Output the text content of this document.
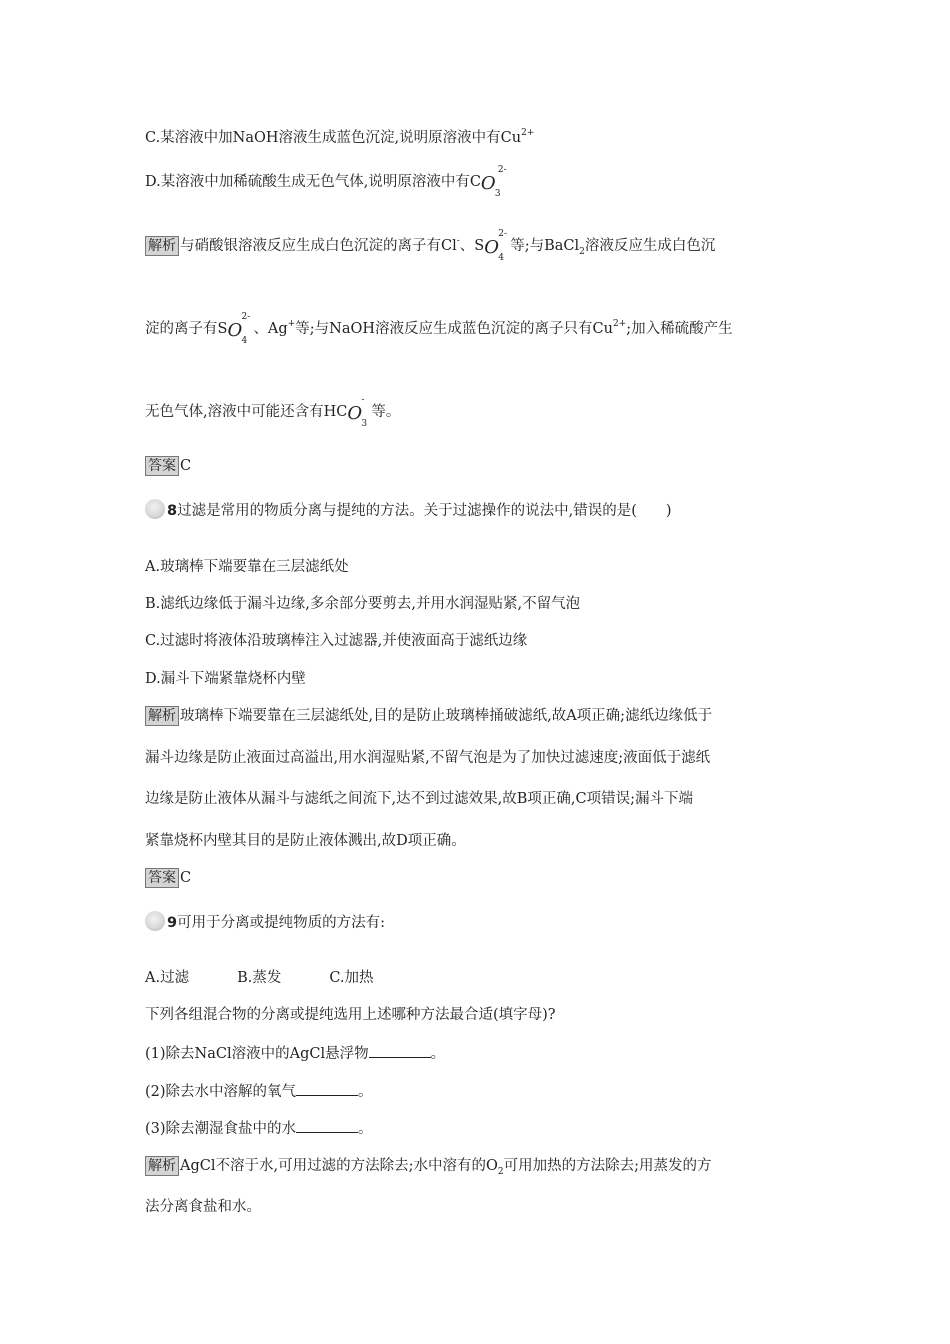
C.某溶液中加NaOH溶液生成蓝色沉淀,说明原溶液中有$Cu^{2+}$
D.某溶液中加稀硫酸生成无色气体,说明原溶液中有C O
2-
3
解析 与硝酸银溶液反应生成白色沉淀的离子有Cl-、S O
2-
4
等;与BaCl$_2$溶液反应生成白色沉
淀的离子有S O
2-
4
、Ag+等;与NaOH溶液反应生成蓝色沉淀的离子只有$Cu^{2+}$;加入稀硫酸产生
无色气体,溶液中可能还含有HC O
-
3
等。
答案 C
8过滤是常用的物质分离与提纯的方法。关于过滤操作的说法中,错误的是(　　)
A.玻璃棒下端要靠在三层滤纸处
B.滤纸边缘低于漏斗边缘,多余部分要剪去,并用水润湿贴紧,不留气泡
C.过滤时将液体沿玻璃棒注入过滤器,并使液面高于滤纸边缘
D.漏斗下端紧靠烧杯内壁
解析 玻璃棒下端要靠在三层滤纸处,目的是防止玻璃棒捅破滤纸,故A项正确;滤纸边缘低于
漏斗边缘是防止液面过高溢出,用水润湿贴紧,不留气泡是为了加快过滤速度;液面低于滤纸
边缘是防止液体从漏斗与滤纸之间流下,达不到过滤效果,故B项正确,C项错误;漏斗下端
紧靠烧杯内壁其目的是防止液体溅出,故D项正确。
答案 C
9可用于分离或提纯物质的方法有:
A.过滤	B.蒸发	C.加热
下列各组混合物的分离或提纯选用上述哪种方法最合适(填字母)?
(1)除去NaCl溶液中的AgCl悬浮物	。
(2)除去水中溶解的氧气	。
(3)除去潮湿食盐中的水	。
解析 AgCl不溶于水,可用过滤的方法除去;水中溶有的$O_2$可用加热的方法除去;用蒸发的方
法分离食盐和水。
